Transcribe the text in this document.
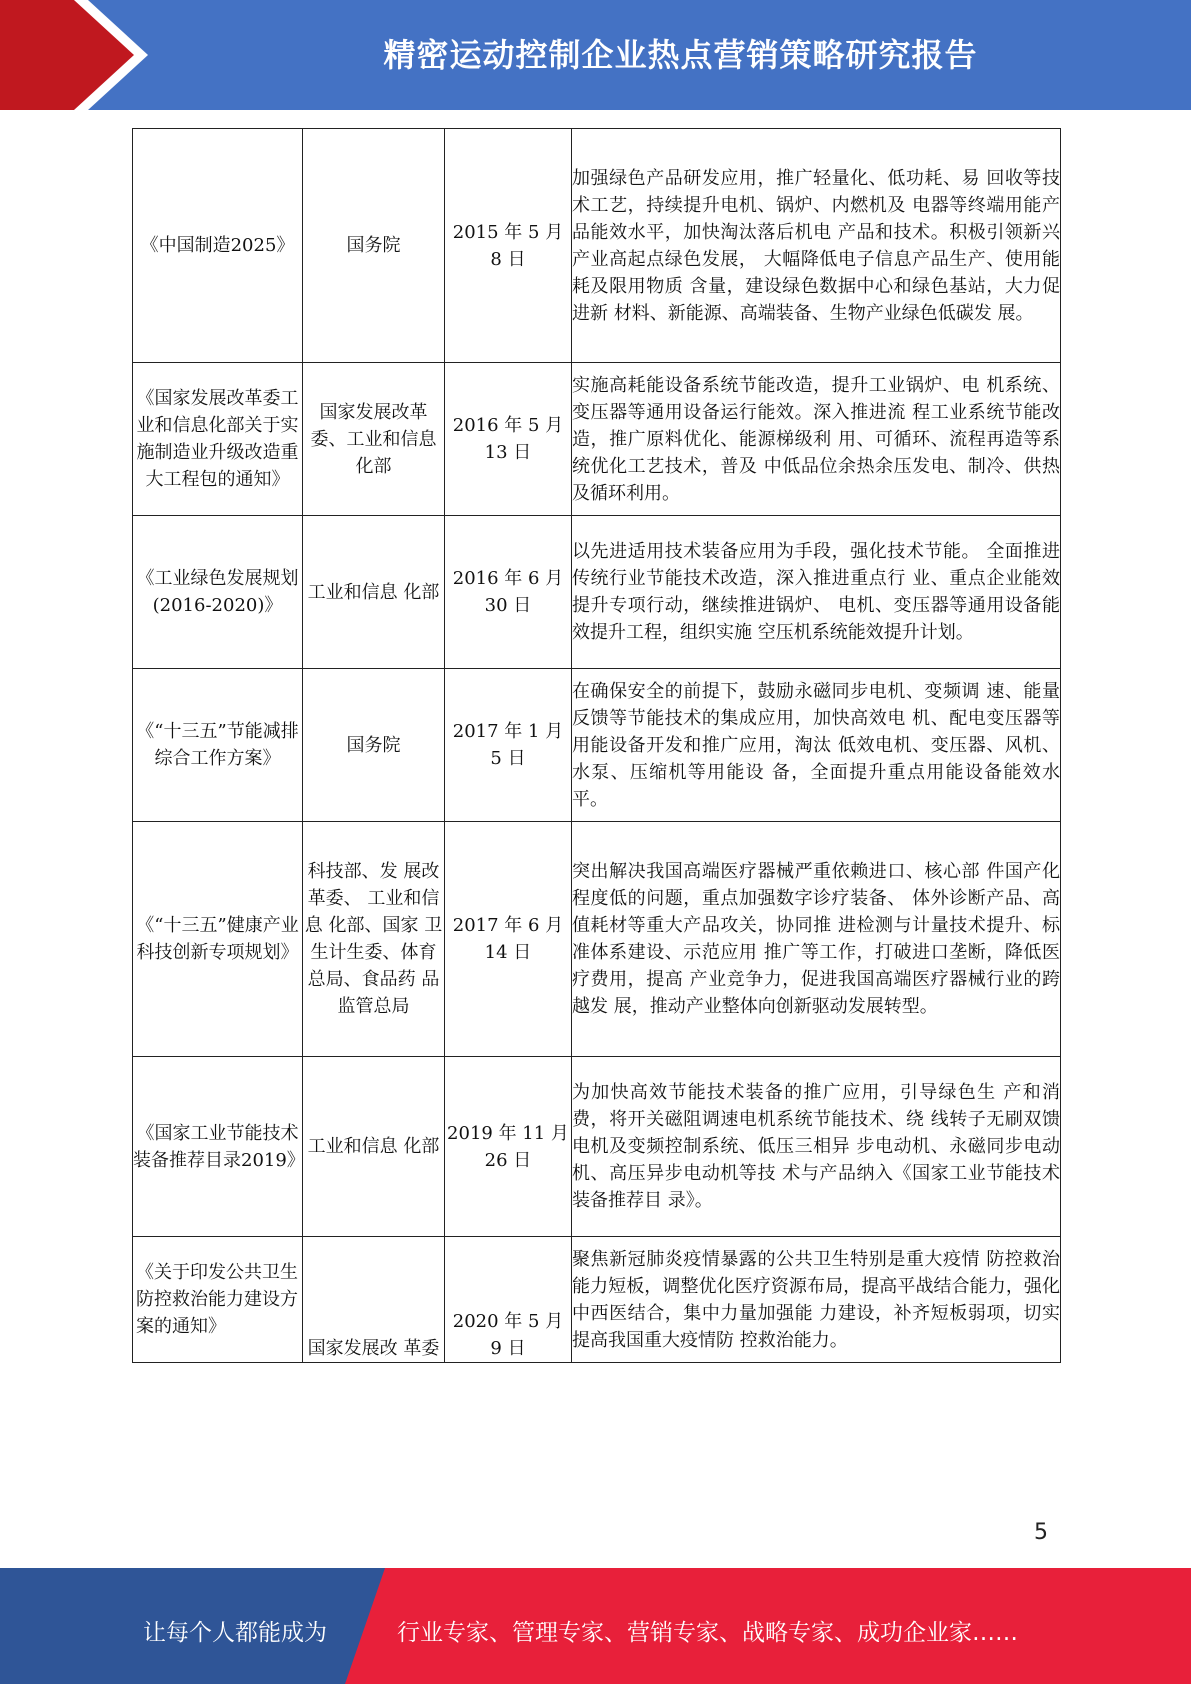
精密运动控制企业热点营销策略研究报告
《中国制造2025》	国务院	2015 年 5 月 8 日	加强绿色产品研发应用，推广轻量化、低功耗、易 回收等技术工艺，持续提升电机、锅炉、内燃机及 电器等终端用能产品能效水平，加快淘汰落后机电 产品和技术。积极引领新兴产业高起点绿色发展， 大幅降低电子信息产品生产、使用能耗及限用物质 含量，建设绿色数据中心和绿色基站，大力促进新 材料、新能源、高端装备、生物产业绿色低碳发 展。
《国家发展改革委工业和信息化部关于实施制造业升级改造重大工程包的通知》	国家发展改革委、工业和信息化部	2016 年 5 月 13 日	实施高耗能设备系统节能改造，提升工业锅炉、电 机系统、变压器等通用设备运行能效。深入推进流 程工业系统节能改造，推广原料优化、能源梯级利 用、可循环、流程再造等系统优化工艺技术，普及 中低品位余热余压发电、制冷、供热及循环利用。
《工业绿色发展规划(2016-2020)》	工业和信息 化部	2016 年 6 月 30 日	以先进适用技术装备应用为手段，强化技术节能。 全面推进传统行业节能技术改造，深入推进重点行 业、重点企业能效提升专项行动，继续推进锅炉、 电机、变压器等通用设备能效提升工程，组织实施 空压机系统能效提升计划。
《“十三五”节能减排综合工作方案》	国务院	2017 年 1 月 5 日	在确保安全的前提下，鼓励永磁同步电机、变频调 速、能量反馈等节能技术的集成应用，加快高效电 机、配电变压器等用能设备开发和推广应用，淘汰 低效电机、变压器、风机、水泵、压缩机等用能设 备，全面提升重点用能设备能效水平。
《“十三五”健康产业科技创新专项规划》	科技部、发 展改革委、 工业和信息 化部、国家 卫生计生委、体育总局、食品药 品监管总局	2017 年 6 月 14 日	突出解决我国高端医疗器械严重依赖进口、核心部 件国产化程度低的问题，重点加强数字诊疗装备、 体外诊断产品、高值耗材等重大产品攻关，协同推 进检测与计量技术提升、标准体系建设、示范应用 推广等工作，打破进口垄断，降低医疗费用，提高 产业竞争力，促进我国高端医疗器械行业的跨越发 展，推动产业整体向创新驱动发展转型。
《国家工业节能技术装备推荐目录2019》	工业和信息 化部	2019 年 11 月 26 日	为加快高效节能技术装备的推广应用，引导绿色生 产和消费，将开关磁阻调速电机系统节能技术、绕 线转子无刷双馈电机及变频控制系统、低压三相异 步电动机、永磁同步电动机、高压异步电动机等技 术与产品纳入《国家工业节能技术装备推荐目 录》。
《关于印发公共卫生防控救治能力建设方案的通知》	国家发展改 革委	2020 年 5 月 9 日	聚焦新冠肺炎疫情暴露的公共卫生特别是重大疫情 防控救治能力短板，调整优化医疗资源布局，提高平战结合能力，强化中西医结合，集中力量加强能 力建设，补齐短板弱项，切实提高我国重大疫情防 控救治能力。
5
让每个人都能成为	行业专家、管理专家、营销专家、战略专家、成功企业家……
